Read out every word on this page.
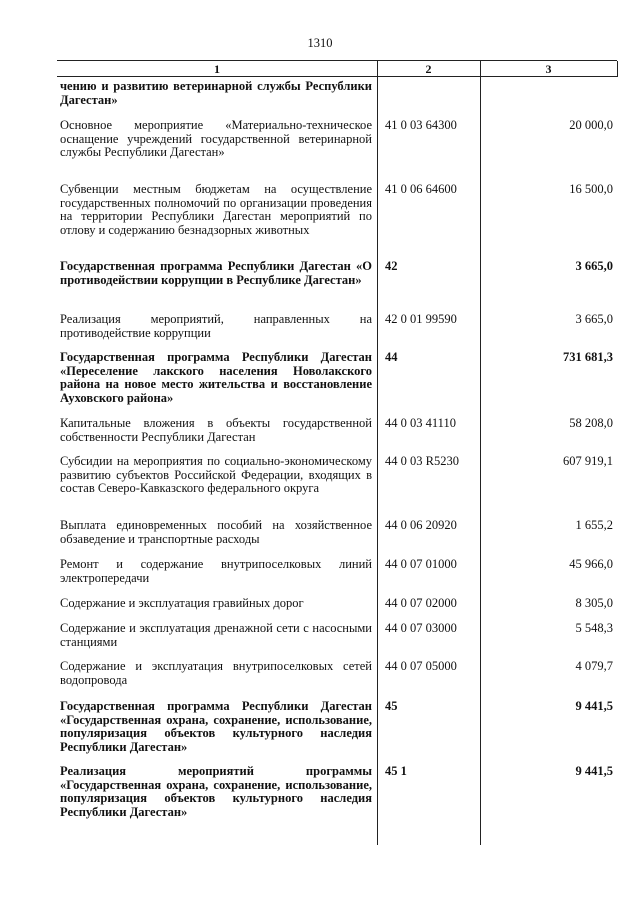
1310
1	2	3
чению и развитию ветеринарной службы Республики Дагестан»
Основное мероприятие «Материально-техническое оснащение учреждений государственной ветеринарной службы Республики Дагестан»
41 0 03 64300	20 000,0
Субвенции местным бюджетам на осуществление государственных полномочий по организации проведения на территории Республики Дагестан мероприятий по отлову и содержанию безнадзорных животных
41 0 06 64600	16 500,0
Государственная программа Республики Дагестан «О противодействии коррупции в Республике Дагестан»
42	3 665,0
Реализация мероприятий, направленных на противодействие коррупции
42 0 01 99590	3 665,0
Государственная программа Республики Дагестан «Переселение лакского населения Новолакского района на новое место жительства и восстановление Ауховского района»
44	731 681,3
Капитальные вложения в объекты государственной собственности Республики Дагестан
44 0 03 41110	58 208,0
Субсидии на мероприятия по социально-экономическому развитию субъектов Российской Федерации, входящих в состав Северо-Кавказского федерального округа
44 0 03 R5230	607 919,1
Выплата единовременных пособий на хозяйственное обзаведение и транспортные расходы
44 0 06 20920	1 655,2
Ремонт и содержание внутрипоселковых линий электропередачи
44 0 07 01000	45 966,0
Содержание и эксплуатация гравийных дорог	44 0 07 02000	8 305,0
Содержание и эксплуатация дренажной сети с насосными станциями
44 0 07 03000	5 548,3
Содержание и эксплуатация внутрипоселковых сетей водопровода
44 0 07 05000	4 079,7
Государственная программа Республики Дагестан «Государственная охрана, сохранение, использование, популяризация объектов культурного наследия Республики Дагестан»
45	9 441,5
Реализация мероприятий программы «Государственная охрана, сохранение, использование, популяризация объектов культурного наследия Республики Дагестан»
45 1	9 441,5
